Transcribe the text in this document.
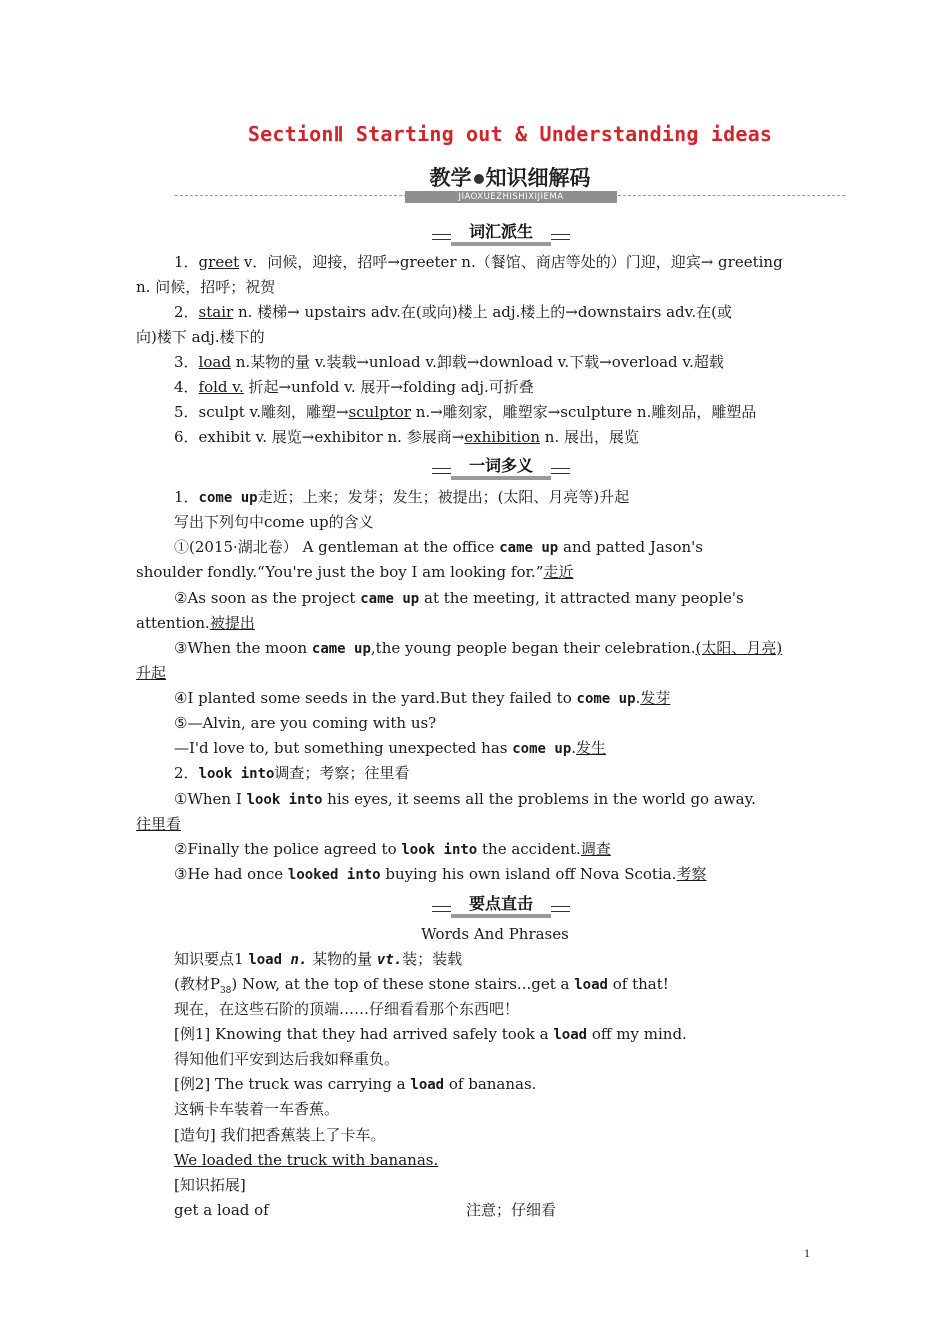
SectionⅡ Starting out & Understanding ideas
教学 知识细解码
JIAOXUEZHISHIXIJIEMA
词汇派生
1．greet v．问候，迎接，招呼→greeter n.（餐馆、商店等处的）门迎，迎宾→ greeting
n. 问候，招呼；祝贺
2．stair n. 楼梯→ upstairs adv.在(或向)楼上 adj.楼上的→downstairs adv.在(或
向)楼下 adj.楼下的
3．load n.某物的量 v.装载→unload v.卸载→download v.下载→overload v.超载
4．fold v. 折起→unfold v. 展开→folding adj.可折叠
5．sculpt v.雕刻，雕塑→sculptor n.→雕刻家，雕塑家→sculpture n.雕刻品，雕塑品
6．exhibit v. 展览→exhibitor n. 参展商→exhibition n. 展出，展览
一词多义
1．come up走近；上来；发芽；发生；被提出；(太阳、月亮等)升起
写出下列句中come up的含义
①(2015·湖北卷） A gentleman at the office came up and patted Jason's
shoulder fondly.“You're just the boy I am looking for.”走近
②As soon as the project came up at the meeting, it attracted many people's
attention.被提出
③When the moon came up,the young people began their celebration.(太阳、月亮)
升起
④I planted some seeds in the yard.But they failed to come up.发芽
⑤—Alvin, are you coming with us?
—I'd love to, but something unexpected has come up.发生
2．look into调查；考察；往里看
①When I look into his eyes, it seems all the problems in the world go away.
往里看
②Finally the police agreed to look into the accident.调查
③He had once looked into buying his own island off Nova Scotia.考察
要点直击
Words And Phrases
知识要点1 load n. 某物的量 vt.装；装载
(教材$P_{38}$) Now, at the top of these stone stairs...get a load of that!
现在，在这些石阶的顶端……仔细看看那个东西吧！
[例1] Knowing that they had arrived safely took a load off my mind.
得知他们平安到达后我如释重负。
[例2] The truck was carrying a load of bananas.
这辆卡车装着一车香蕉。
[造句] 我们把香蕉装上了卡车。
We loaded the truck with bananas.
[知识拓展]
get a load of	注意；仔细看
1
